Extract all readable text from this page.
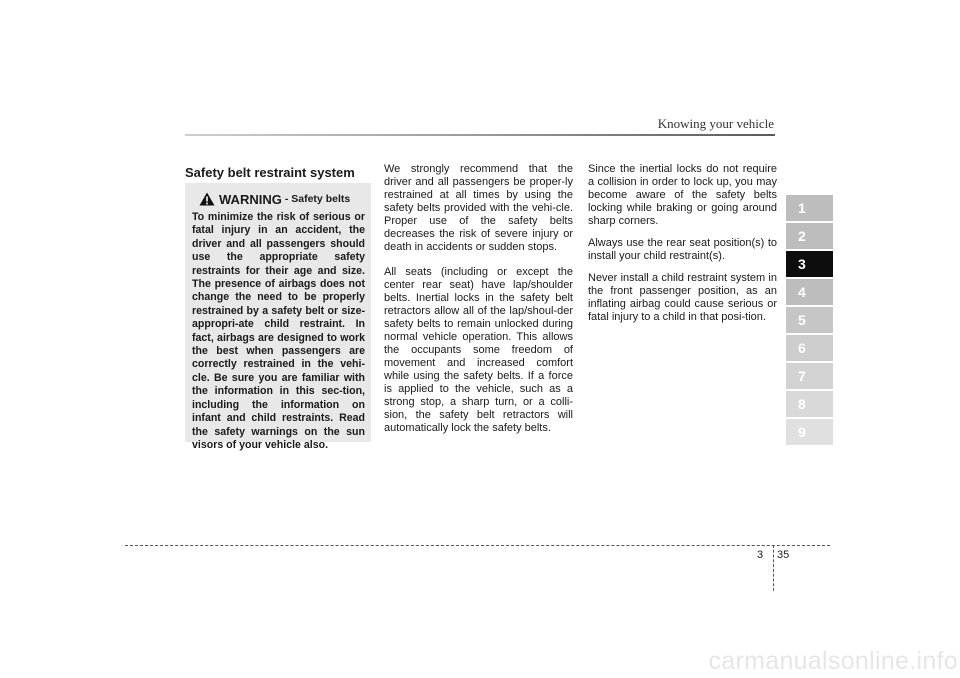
Knowing your vehicle
Safety belt restraint system
WARNING - Safety belts

To minimize the risk of serious or fatal injury in an accident, the driver and all passengers should use the appropriate safety restraints for their age and size. The presence of airbags does not change the need to be properly restrained by a safety belt or size-appropri-ate child restraint. In fact, airbags are designed to work the best when passengers are correctly restrained in the vehi-cle. Be sure you are familiar with the information in this sec-tion, including the information on infant and child restraints. Read the safety warnings on the sun visors of your vehicle also.

We strongly recommend that the driver and all passengers be proper-ly restrained at all times by using the safety belts provided with the vehi-cle. Proper use of the safety belts decreases the risk of severe injury or death in accidents or sudden stops.

All seats (including or except the center rear seat) have lap/shoulder belts. Inertial locks in the safety belt retractors allow all of the lap/shoul-der safety belts to remain unlocked during normal vehicle operation. This allows the occupants some freedom of movement and increased comfort while using the safety belts. If a force is applied to the vehicle, such as a strong stop, a sharp turn, or a colli-sion, the safety belt retractors will automatically lock the safety belts.

Since the inertial locks do not require a collision in order to lock up, you may become aware of the safety belts locking while braking or going around sharp corners.

Always use the rear seat position(s) to install your child restraint(s).

Never install a child restraint system in the front passenger position, as an inflating airbag could cause serious or fatal injury to a child in that posi-tion.

1
2
3
4
5
6
7
8
9
3 35
carmanualsonline.info
